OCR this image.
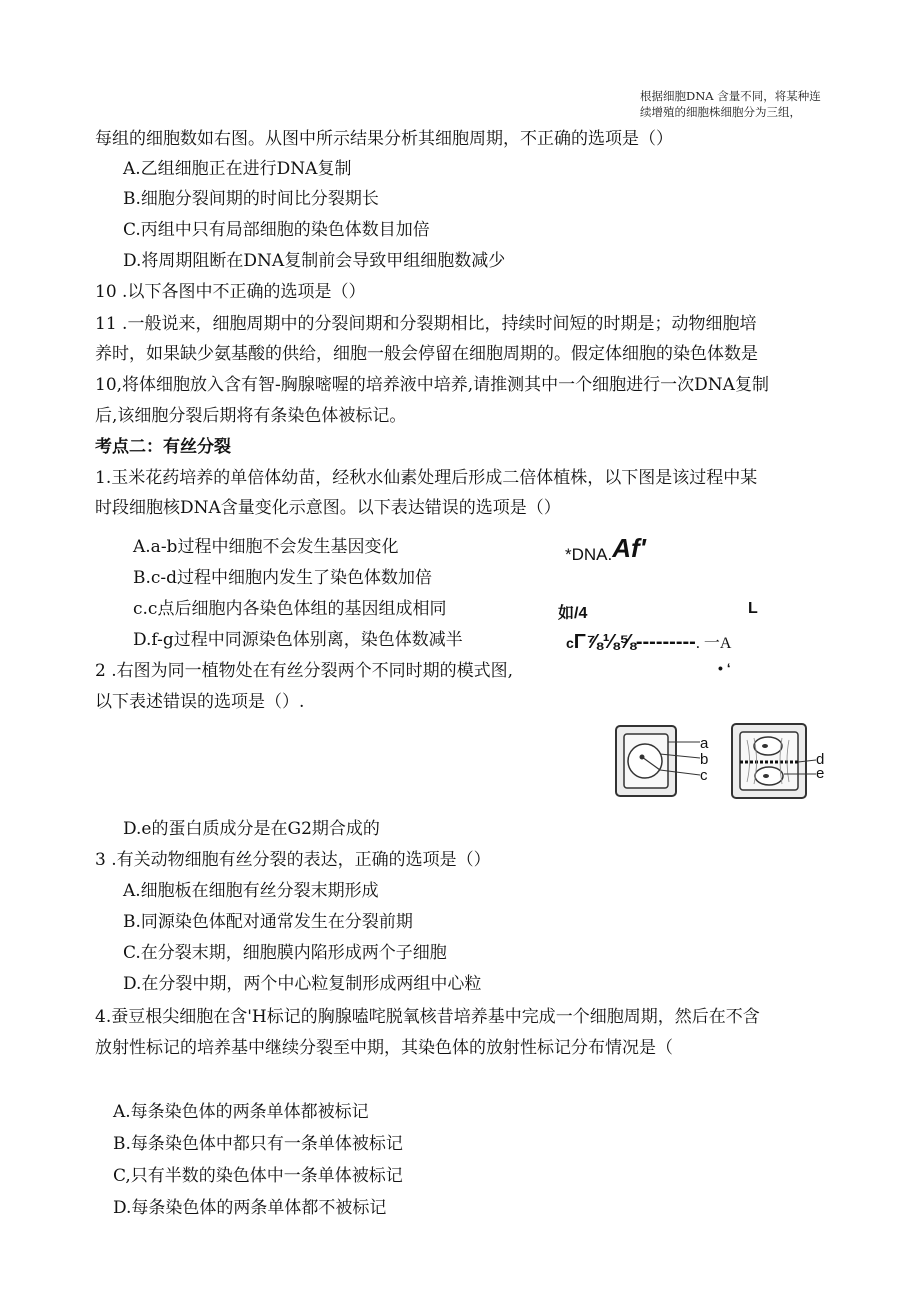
根据细胞DNA 含量不同，将某种连
续增殖的细胞株细胞分为三组，
每组的细胞数如右图。从图中所示结果分析其细胞周期，不正确的选项是（）
A.乙组细胞正在进行DNA复制
B.细胞分裂间期的时间比分裂期长
C.丙组中只有局部细胞的染色体数目加倍
D.将周期阻断在DNA复制前会导致甲组细胞数减少
10 .以下各图中不正确的选项是（）
11 .一般说来，细胞周期中的分裂间期和分裂期相比，持续时间短的时期是；动物细胞培
养时，如果缺少氨基酸的供给，细胞一般会停留在细胞周期的。假定体细胞的染色体数是
10,将体细胞放入含有智-胸腺嘧喔的培养液中培养,请推测其中一个细胞进行一次DNA复制
后,该细胞分裂后期将有条染色体被标记。
考点二：有丝分裂
1.玉米花药培养的单倍体幼苗，经秋水仙素处理后形成二倍体植株，以下图是该过程中某
时段细胞核DNA含量变化示意图。以下表达错误的选项是（）
A.a-b过程中细胞不会发生基因变化
B.c-d过程中细胞内发生了染色体数加倍
c.c点后细胞内各染色体组的基因组成相同
D.f-g过程中同源染色体别离，染色体数减半
*DNA.Af'
如/4	L
cΓ⅞⅛⅝---------. 一A
2 .右图为同一植物处在有丝分裂两个不同时期的模式图,
以下表述错误的选项是（）.
• ‘
a
b
c
d
e
D.e的蛋白质成分是在G2期合成的
3 .有关动物细胞有丝分裂的表达，正确的选项是（）
A.细胞板在细胞有丝分裂末期形成
B.同源染色体配对通常发生在分裂前期
C.在分裂末期，细胞膜内陷形成两个子细胞
D.在分裂中期，两个中心粒复制形成两组中心粒
4.蚕豆根尖细胞在含'H标记的胸腺嗑咤脱氧核昔培养基中完成一个细胞周期，然后在不含
放射性标记的培养基中继续分裂至中期，其染色体的放射性标记分布情况是（
A.每条染色体的两条单体都被标记
B.每条染色体中都只有一条单体被标记
C,只有半数的染色体中一条单体被标记
D.每条染色体的两条单体都不被标记
